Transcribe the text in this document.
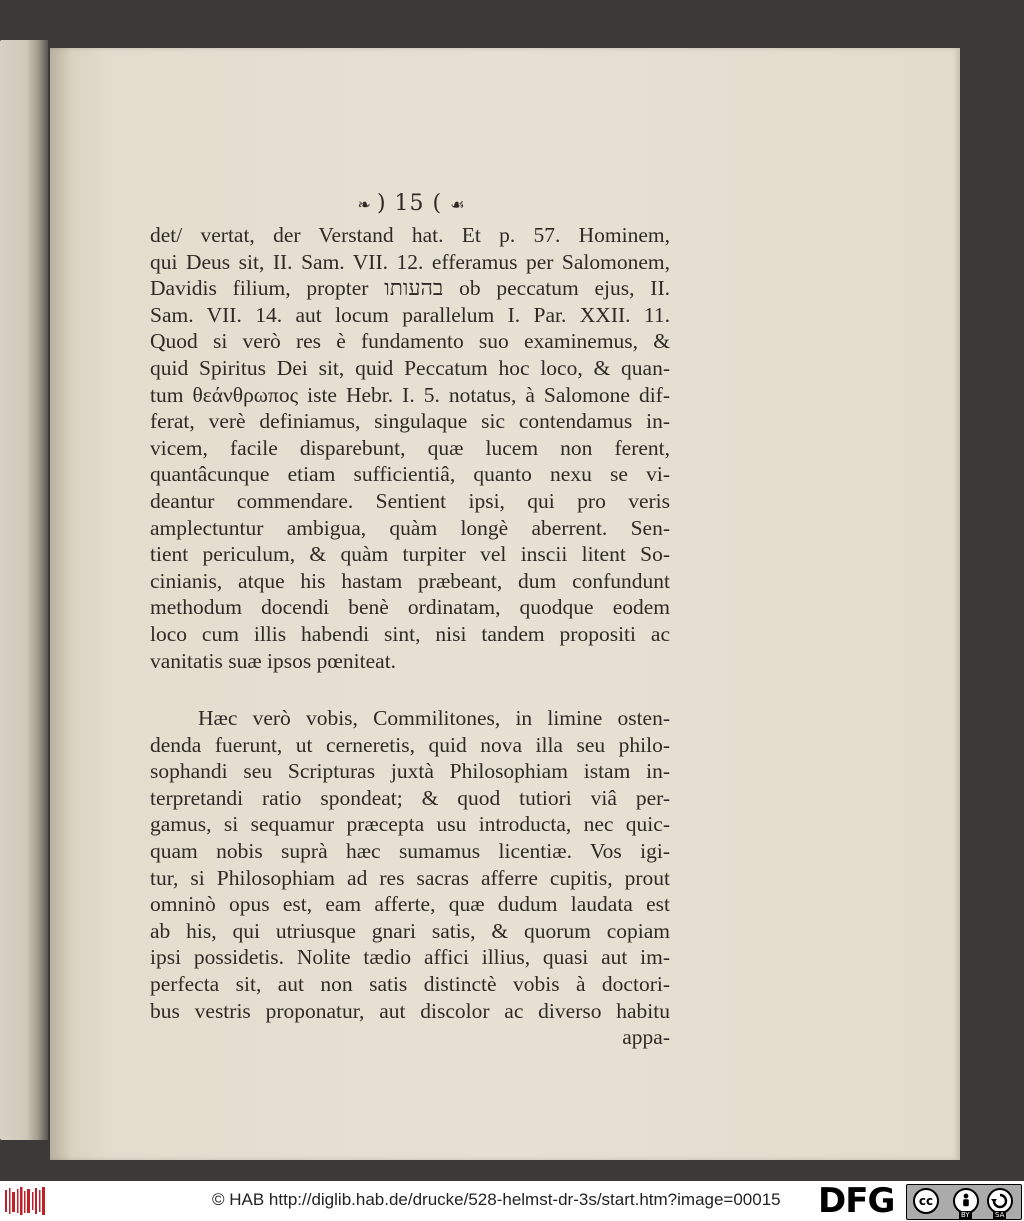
❧ ) 15 ( ☙
det/ vertat, der Verstand hat. Et p. 57. Hominem,
qui Deus sit, II. Sam. VII. 12. efferamus per Salomonem,
Davidis filium, propter בהעותו ob peccatum ejus, II.
Sam. VII. 14. aut locum parallelum I. Par. XXII. 11.
Quod si verò res è fundamento suo examinemus, &
quid Spiritus Dei sit, quid Peccatum hoc loco, & quan-
tum θεάνθρωπος iste Hebr. I. 5. notatus, à Salomone dif-
ferat, verè definiamus, singulaque sic contendamus in-
vicem, facile disparebunt, quæ lucem non ferent,
quantâcunque etiam sufficientiâ, quanto nexu se vi-
deantur commendare. Sentient ipsi, qui pro veris
amplectuntur ambigua, quàm longè aberrent. Sen-
tient periculum, & quàm turpiter vel inscii litent So-
cinianis, atque his hastam præbeant, dum confundunt
methodum docendi benè ordinatam, quodque eodem
loco cum illis habendi sint, nisi tandem propositi ac
vanitatis suæ ipsos pœniteat.
Hæc verò vobis, Commilitones, in limine osten-
denda fuerunt, ut cerneretis, quid nova illa seu philo-
sophandi seu Scripturas juxtà Philosophiam istam in-
terpretandi ratio spondeat; & quod tutiori viâ per-
gamus, si sequamur præcepta usu introducta, nec quic-
quam nobis suprà hæc sumamus licentiæ. Vos igi-
tur, si Philosophiam ad res sacras afferre cupitis, prout
omninò opus est, eam afferte, quæ dudum laudata est
ab his, qui utriusque gnari satis, & quorum copiam
ipsi possidetis. Nolite tædio affici illius, quasi aut im-
perfecta sit, aut non satis distinctè vobis à doctori-
bus vestris proponatur, aut discolor ac diverso habitu
appa-
© HAB http://diglib.hab.de/drucke/528-helmst-dr-3s/start.htm?image=00015 DFG	cc
BY	SA
